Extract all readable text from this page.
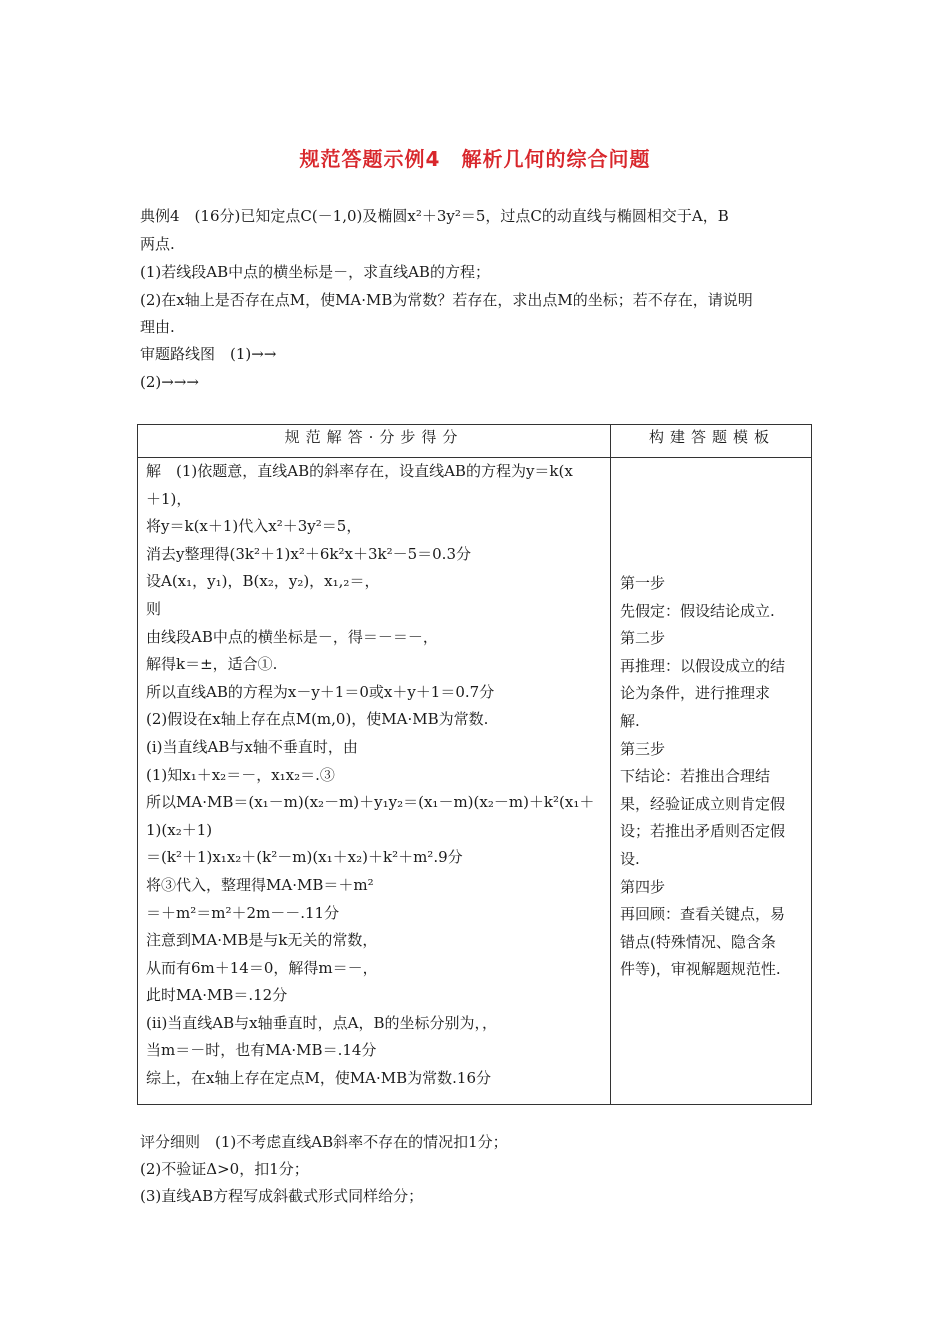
规范答题示例4　解析几何的综合问题
典例4　(16分)已知定点C(－1,0)及椭圆x²＋3y²＝5，过点C的动直线与椭圆相交于A，B
两点.
(1)若线段AB中点的横坐标是－，求直线AB的方程；
(2)在x轴上是否存在点M，使MA·MB为常数？若存在，求出点M的坐标；若不存在，请说明
理由.
审题路线图　(1)→→
(2)→→→
规范解答·分步得分	构建答题模板
解　(1)依题意，直线AB的斜率存在，设直线AB的方程为y＝k(x
＋1)，
将y＝k(x＋1)代入x²＋3y²＝5，
消去y整理得(3k²＋1)x²＋6k²x＋3k²－5＝0.3分
设A(x₁，y₁)，B(x₂，y₂)，x₁,₂＝，
则
由线段AB中点的横坐标是－，得＝－＝－，
解得k＝±，适合①.
所以直线AB的方程为x－y＋1＝0或x＋y＋1＝0.7分
(2)假设在x轴上存在点M(m,0)，使MA·MB为常数.
(ⅰ)当直线AB与x轴不垂直时，由
(1)知x₁＋x₂＝－，x₁x₂＝.③
所以MA·MB＝(x₁－m)(x₂－m)＋y₁y₂＝(x₁－m)(x₂－m)＋k²(x₁＋
1)(x₂＋1)
＝(k²＋1)x₁x₂＋(k²－m)(x₁＋x₂)＋k²＋m².9分
将③代入，整理得MA·MB＝＋m²
＝＋m²＝m²＋2m－－.11分
注意到MA·MB是与k无关的常数，
从而有6m＋14＝0，解得m＝－，
此时MA·MB＝.12分
(ⅱ)当直线AB与x轴垂直时，点A，B的坐标分别为，，
当m＝－时，也有MA·MB＝.14分
综上，在x轴上存在定点M，使MA·MB为常数.16分
第一步
先假定：假设结论成立.
第二步
再推理：以假设成立的结
论为条件，进行推理求
解.
第三步
下结论：若推出合理结
果，经验证成立则肯定假
设；若推出矛盾则否定假
设.
第四步
再回顾：查看关键点，易
错点(特殊情况、隐含条
件等)，审视解题规范性.
评分细则　(1)不考虑直线AB斜率不存在的情况扣1分；
(2)不验证Δ>0，扣1分；
(3)直线AB方程写成斜截式形式同样给分；
